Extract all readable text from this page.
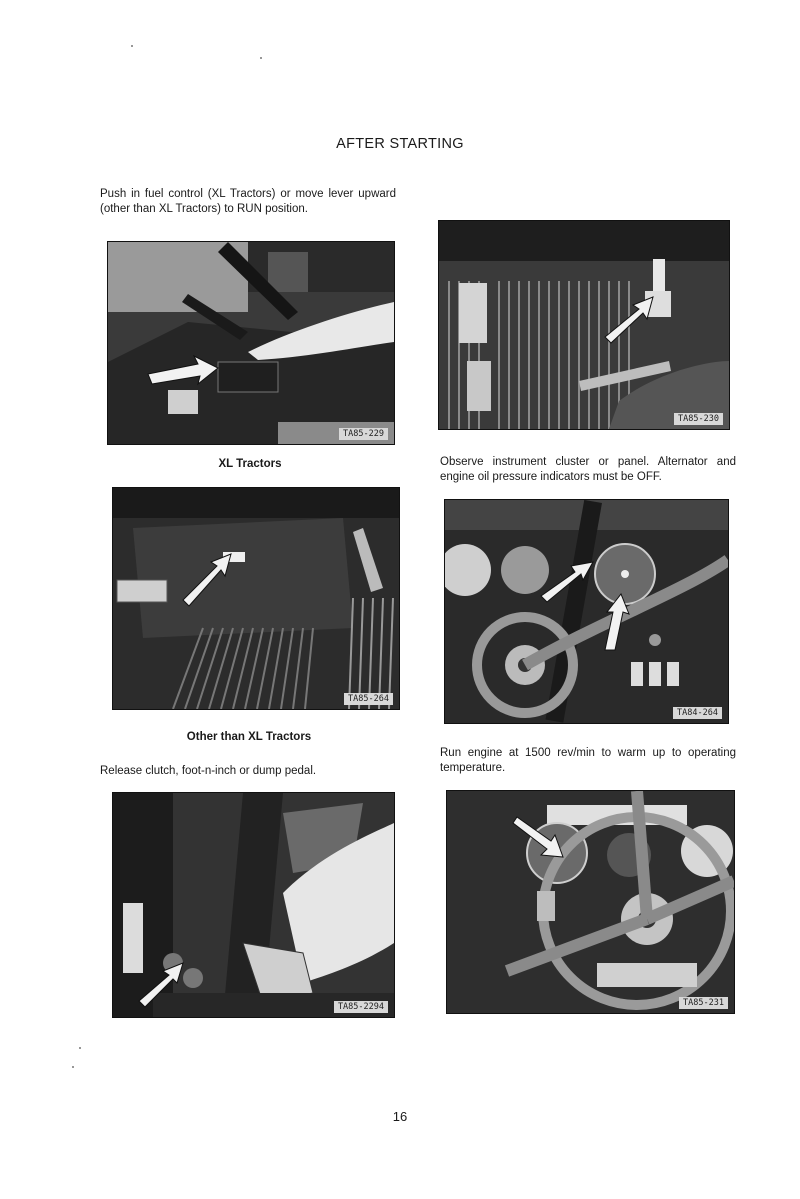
AFTER STARTING
Push in fuel control (XL Tractors) or move lever upward (other than XL Tractors) to RUN position.
TA85-229
XL Tractors
TA85-264
Other than XL Tractors
Release clutch, foot-n-inch or dump pedal.
TA85-2294
TA85-230
Observe instrument cluster or panel. Alternator and engine oil pressure indicators must be OFF.
TA84-264
Run engine at 1500 rev/min to warm up to operating temperature.
TA85-231
16
